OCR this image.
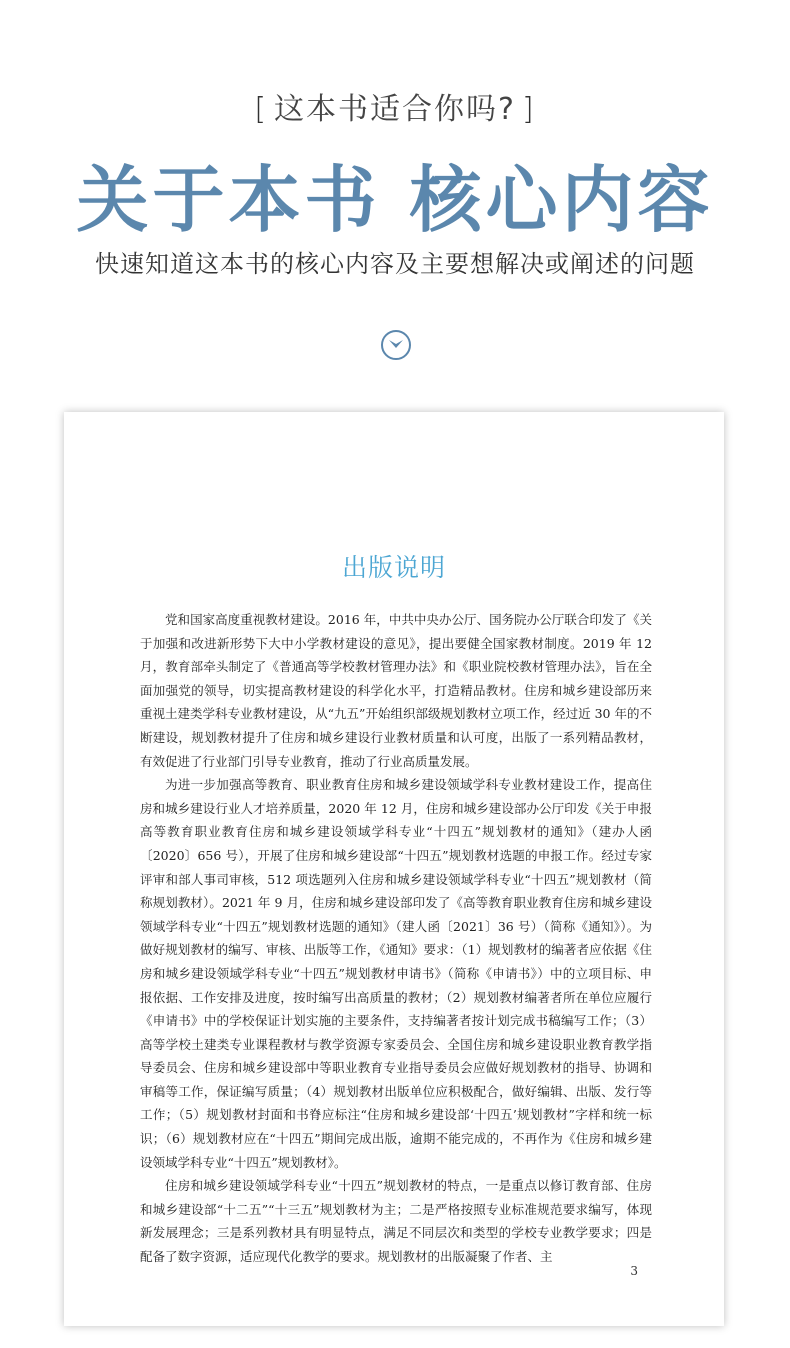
[ 这本书适合你吗? ]
关于本书 核心内容
快速知道这本书的核心内容及主要想解决或阐述的问题
出版说明

党和国家高度重视教材建设。2016 年，中共中央办公厅、国务院办公厅联合印发了《关于加强和改进新形势下大中小学教材建设的意见》，提出要健全国家教材制度。2019 年 12 月，教育部牵头制定了《普通高等学校教材管理办法》和《职业院校教材管理办法》，旨在全面加强党的领导，切实提高教材建设的科学化水平，打造精品教材。住房和城乡建设部历来重视土建类学科专业教材建设，从“九五”开始组织部级规划教材立项工作，经过近 30 年的不断建设，规划教材提升了住房和城乡建设行业教材质量和认可度，出版了一系列精品教材，有效促进了行业部门引导专业教育，推动了行业高质量发展。

为进一步加强高等教育、职业教育住房和城乡建设领域学科专业教材建设工作，提高住房和城乡建设行业人才培养质量，2020 年 12 月，住房和城乡建设部办公厅印发《关于申报高等教育职业教育住房和城乡建设领域学科专业“十四五”规划教材的通知》（建办人函〔2020〕656 号），开展了住房和城乡建设部“十四五”规划教材选题的申报工作。经过专家评审和部人事司审核，512 项选题列入住房和城乡建设领域学科专业“十四五”规划教材（简称规划教材）。2021 年 9 月，住房和城乡建设部印发了《高等教育职业教育住房和城乡建设领域学科专业“十四五”规划教材选题的通知》（建人函〔2021〕36 号）（简称《通知》）。为做好规划教材的编写、审核、出版等工作，《通知》要求：（1）规划教材的编著者应依据《住房和城乡建设领域学科专业“十四五”规划教材申请书》（简称《申请书》）中的立项目标、申报依据、工作安排及进度，按时编写出高质量的教材；（2）规划教材编著者所在单位应履行《申请书》中的学校保证计划实施的主要条件，支持编著者按计划完成书稿编写工作；（3）高等学校土建类专业课程教材与教学资源专家委员会、全国住房和城乡建设职业教育教学指导委员会、住房和城乡建设部中等职业教育专业指导委员会应做好规划教材的指导、协调和审稿等工作，保证编写质量；（4）规划教材出版单位应积极配合，做好编辑、出版、发行等工作；（5）规划教材封面和书脊应标注“住房和城乡建设部‘十四五’规划教材”字样和统一标识；（6）规划教材应在“十四五”期间完成出版，逾期不能完成的，不再作为《住房和城乡建设领域学科专业“十四五”规划教材》。

住房和城乡建设领域学科专业“十四五”规划教材的特点，一是重点以修订教育部、住房和城乡建设部“十二五”“十三五”规划教材为主；二是严格按照专业标准规范要求编写，体现新发展理念；三是系列教材具有明显特点，满足不同层次和类型的学校专业教学要求；四是配备了数字资源，适应现代化教学的要求。规划教材的出版凝聚了作者、主

3
